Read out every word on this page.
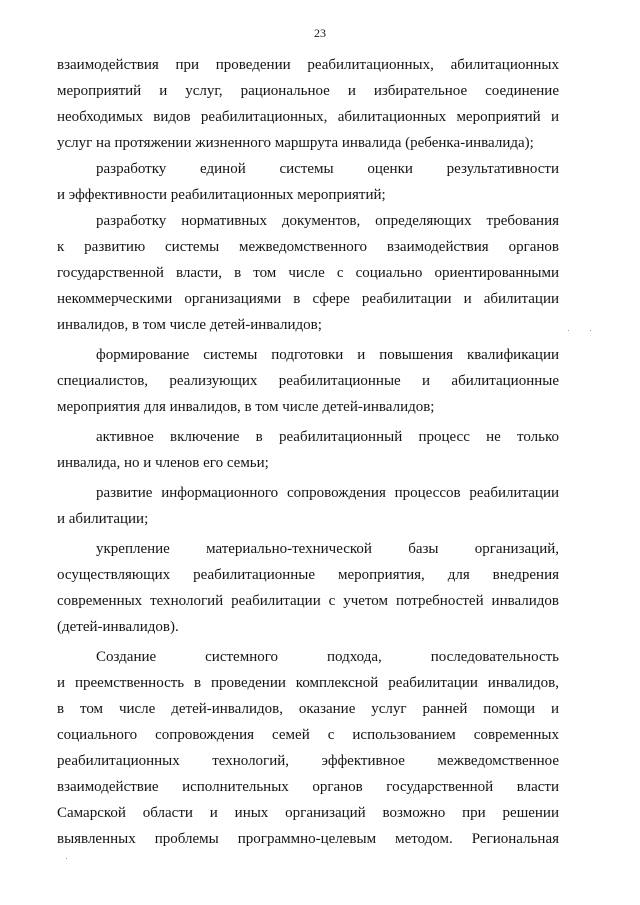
23
взаимодействия при проведении реабилитационных, абилитационных
мероприятий и услуг, рациональное и избирательное соединение
необходимых видов реабилитационных, абилитационных мероприятий и
услуг на протяжении жизненного маршрута инвалида (ребенка-инвалида);
разработку единой системы оценки результативности
и эффективности реабилитационных мероприятий;
разработку нормативных документов, определяющих требования
к развитию системы межведомственного взаимодействия органов
государственной власти, в том числе с социально ориентированными
некоммерческими организациями в сфере реабилитации и абилитации
инвалидов, в том числе детей-инвалидов;
формирование системы подготовки и повышения квалификации
специалистов, реализующих реабилитационные и абилитационные
мероприятия для инвалидов, в том числе детей-инвалидов;
активное включение в реабилитационный процесс не только
инвалида, но и членов его семьи;
развитие информационного сопровождения процессов реабилитации
и абилитации;
укрепление материально-технической базы организаций,
осуществляющих реабилитационные мероприятия, для внедрения
современных технологий реабилитации с учетом потребностей инвалидов
(детей-инвалидов).
Создание системного подхода, последовательность
и преемственность в проведении комплексной реабилитации инвалидов,
в том числе детей-инвалидов, оказание услуг ранней помощи и
социального сопровождения семей с использованием современных
реабилитационных технологий, эффективное межведомственное
взаимодействие исполнительных органов государственной власти
Самарской области и иных организаций возможно при решении
выявленных проблемы программно-целевым методом. Региональная
